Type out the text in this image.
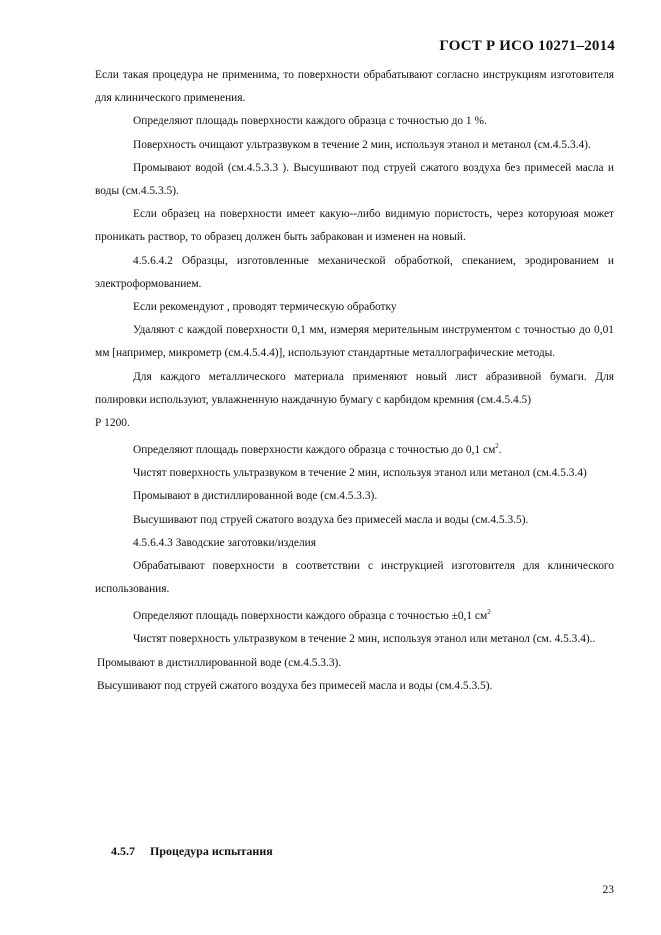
ГОСТ Р ИСО 10271–2014

Если такая процедура не применима, то поверхности обрабатывают согласно инструкциям изготовителя для клинического применения.

Определяют площадь поверхности каждого образца с точностью до 1 %.

Поверхность очищают ультразвуком в течение 2 мин, используя этанол и метанол (см.4.5.3.4).

Промывают водой (см.4.5.3.3 ). Высушивают под струей сжатого воздуха без примесей масла и воды (см.4.5.3.5).

Если образец на поверхности имеет какую--либо видимую пористость, через которуюая может проникать раствор, то образец должен быть забракован и изменен на новый.

4.5.6.4.2 Образцы, изготовленные механической обработкой, спеканием, эродированием и электроформованием.

Если рекомендуют , проводят термическую обработку

Удаляют с каждой поверхности 0,1 мм, измеряя мерительным инструментом с точностью до 0,01 мм [например, микрометр (см.4.5.4.4)], используют стандартные металлографические методы.

Для каждого металлического материала применяют новый лист абразивной бумаги. Для полировки используют, увлажненную наждачную бумагу с карбидом кремния (см.4.5.4.5)

Р 1200.

Определяют площадь поверхности каждого образца с точностью до 0,1 $см^2$.

Чистят поверхность ультразвуком в течение 2 мин, используя этанол или метанол (см.4.5.3.4)

Промывают в дистиллированной воде (см.4.5.3.3).

Высушивают под струей сжатого воздуха без примесей масла и воды (см.4.5.3.5).

4.5.6.4.3 Заводские заготовки/изделия

Обрабатывают поверхности в соответствии с инструкцией изготовителя для клинического использования.

Определяют площадь поверхности каждого образца с точностью ±0,1 $см^2$

Чистят поверхность ультразвуком в течение 2 мин, используя этанол или метанол (см. 4.5.3.4)..

Промывают в дистиллированной воде (см.4.5.3.3).

Высушивают под струей сжатого воздуха без примесей масла и воды (см.4.5.3.5).

4.5.7 Процедура испытания
23
